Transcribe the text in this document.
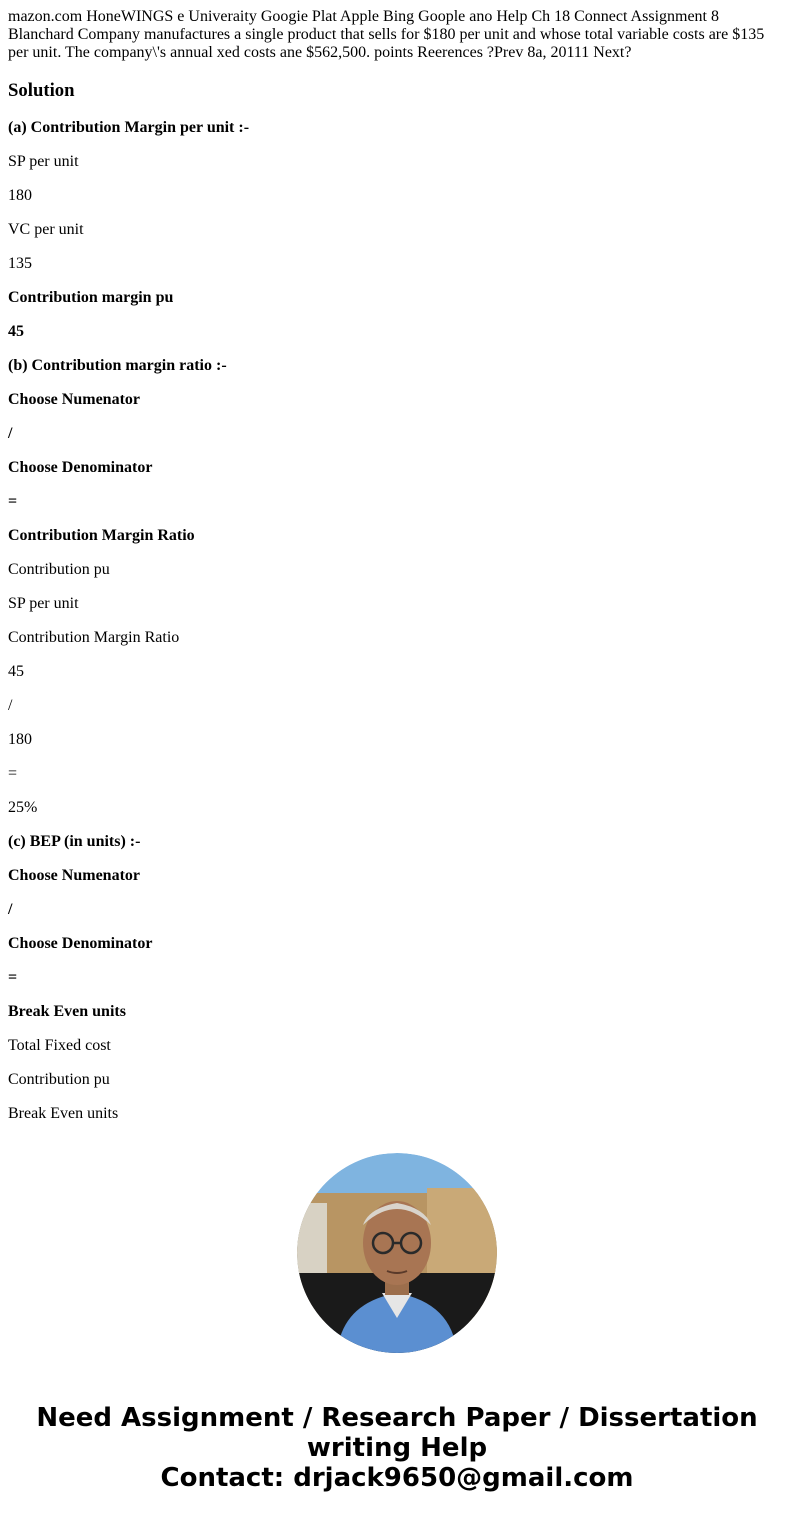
mazon.com HoneWINGS e Univeraity Googie Plat Apple Bing Goople ano Help Ch 18 Connect Assignment 8 Blanchard Company manufactures a single product that sells for $180 per unit and whose total variable costs are $135 per unit. The company\'s annual xed costs ane $562,500. points Reerences ?Prev 8a, 20111 Next?

Solution

(a) Contribution Margin per unit :-

SP per unit

180

VC per unit

135

Contribution margin pu

45

(b) Contribution margin ratio :-

Choose Numenator

/

Choose Denominator

=

Contribution Margin Ratio

Contribution pu

SP per unit

Contribution Margin Ratio

45

/

180

=

25%

(c) BEP (in units) :-

Choose Numenator

/

Choose Denominator

=

Break Even units

Total Fixed cost

Contribution pu

Break Even units

Need Assignment / Research Paper / Dissertation
writing Help
Contact: drjack9650@gmail.com
